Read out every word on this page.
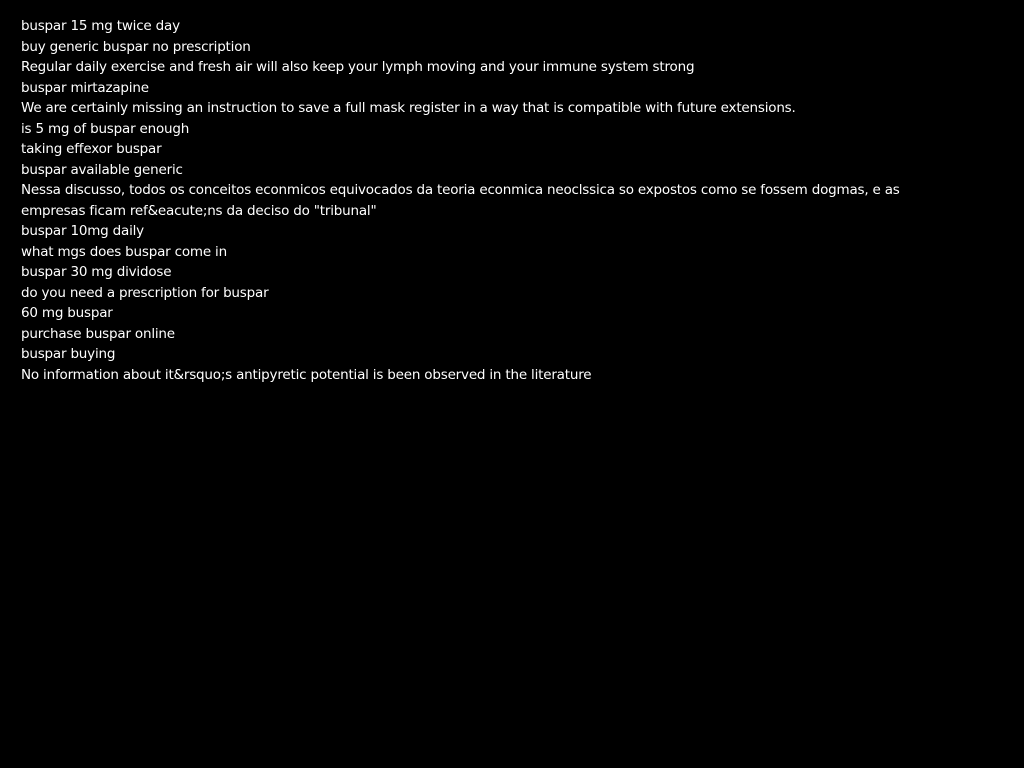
buspar 15 mg twice day
buy generic buspar no prescription
Regular daily exercise and fresh air will also keep your lymph moving and your immune system strong
buspar mirtazapine
We are certainly missing an instruction to save a full mask register in a way that is compatible with future extensions.
is 5 mg of buspar enough
taking effexor buspar
buspar available generic
Nessa discusso, todos os conceitos econmicos equivocados da teoria econmica neoclssica so expostos como se fossem dogmas, e as empresas ficam ref&eacute;ns da deciso do "tribunal"
buspar 10mg daily
what mgs does buspar come in
buspar 30 mg dividose
do you need a prescription for buspar
60 mg buspar
purchase buspar online
buspar buying
No information about it&rsquo;s antipyretic potential is been observed in the literature
